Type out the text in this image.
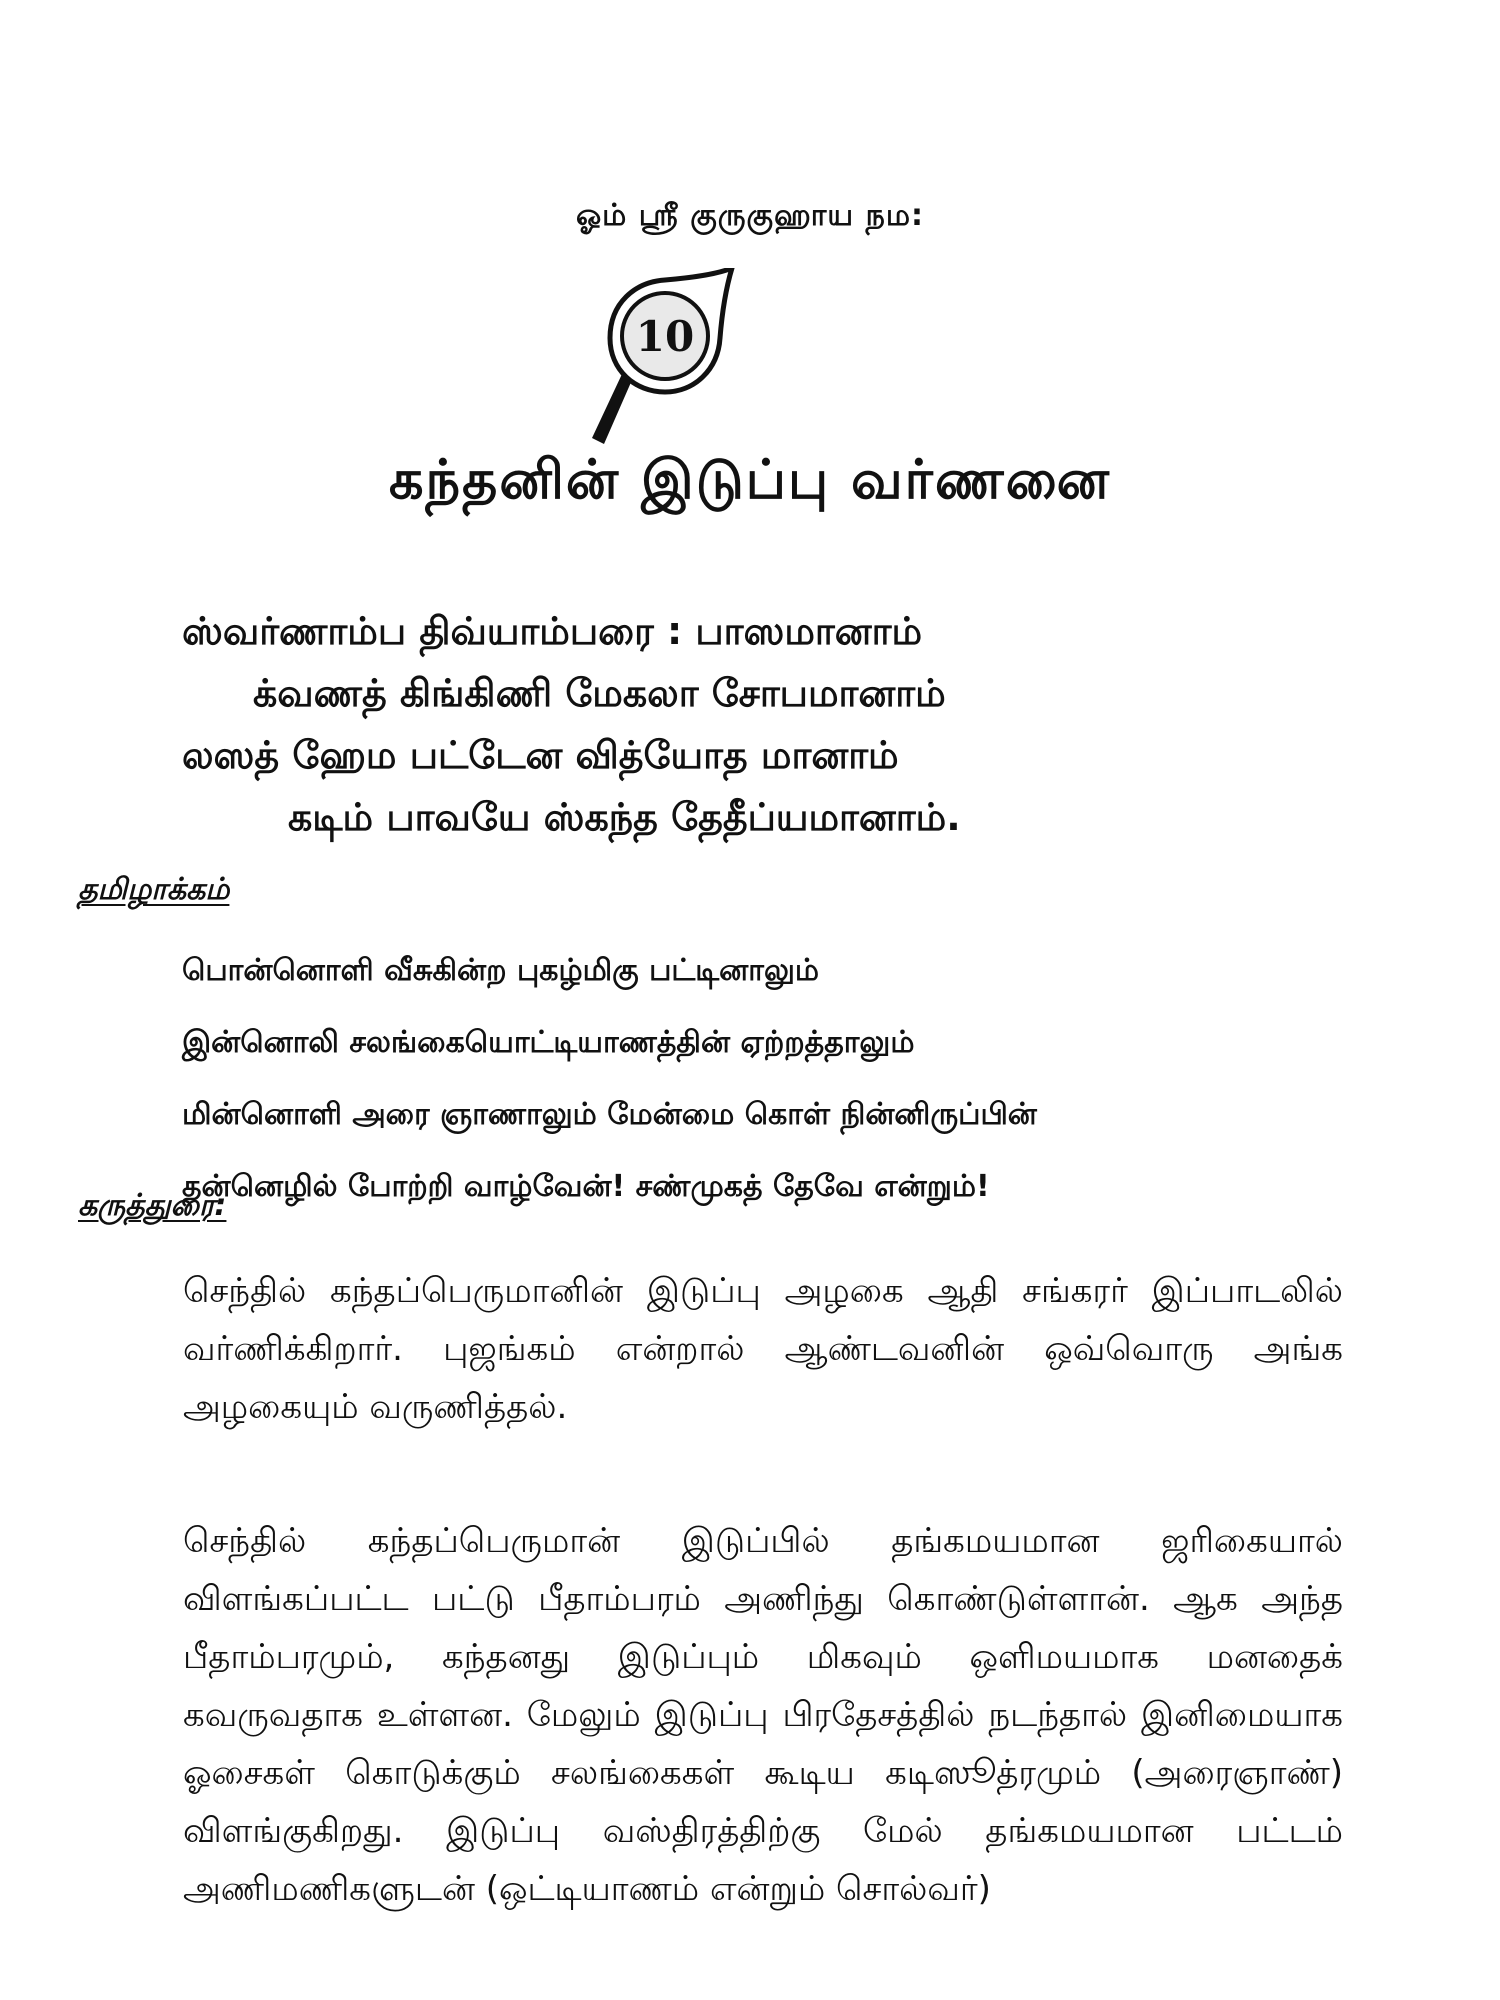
ஓம் ஸ்ரீ குருகுஹாய நம:
10
கந்தனின் இடுப்பு வர்ணனை
ஸ்வர்ணாம்ப திவ்யாம்பரை : பாஸமானாம்
க்வணத் கிங்கிணி மேகலா சோபமானாம்
லஸத் ஹேம பட்டேன வித்யோத மானாம்
கடிம் பாவயே ஸ்கந்த தேதீப்யமானாம்.
தமிழாக்கம்
பொன்னொளி வீசுகின்ற புகழ்மிகு பட்டினாலும்
இன்னொலி சலங்கையொட்டியாணத்தின் ஏற்றத்தாலும்
மின்னொளி அரை ஞாணாலும் மேன்மை கொள் நின்னிருப்பின்
தன்னெழில் போற்றி வாழ்வேன்! சண்முகத் தேவே என்றும்!
கருத்துரை:

செந்தில் கந்தப்பெருமானின் இடுப்பு அழகை ஆதி சங்கரர் இப்பாடலில் வர்ணிக்கிறார். புஜங்கம் என்றால் ஆண்டவனின் ஒவ்வொரு அங்க அழகையும் வருணித்தல்.

செந்தில் கந்தப்பெருமான் இடுப்பில் தங்கமயமான ஜரிகையால் விளங்கப்பட்ட பட்டு பீதாம்பரம் அணிந்து கொண்டுள்ளான். ஆக அந்த பீதாம்பரமும், கந்தனது இடுப்பும் மிகவும் ஒளிமயமாக மனதைக் கவருவதாக உள்ளன. மேலும் இடுப்பு பிரதேசத்தில் நடந்தால் இனிமையாக ஓசைகள் கொடுக்கும் சலங்கைகள் கூடிய கடிஸூத்ரமும் (அரைஞாண்) விளங்குகிறது. இடுப்பு வஸ்திரத்திற்கு மேல் தங்கமயமான பட்டம் அணிமணிகளுடன் (ஒட்டியாணம் என்றும் சொல்வர்)
